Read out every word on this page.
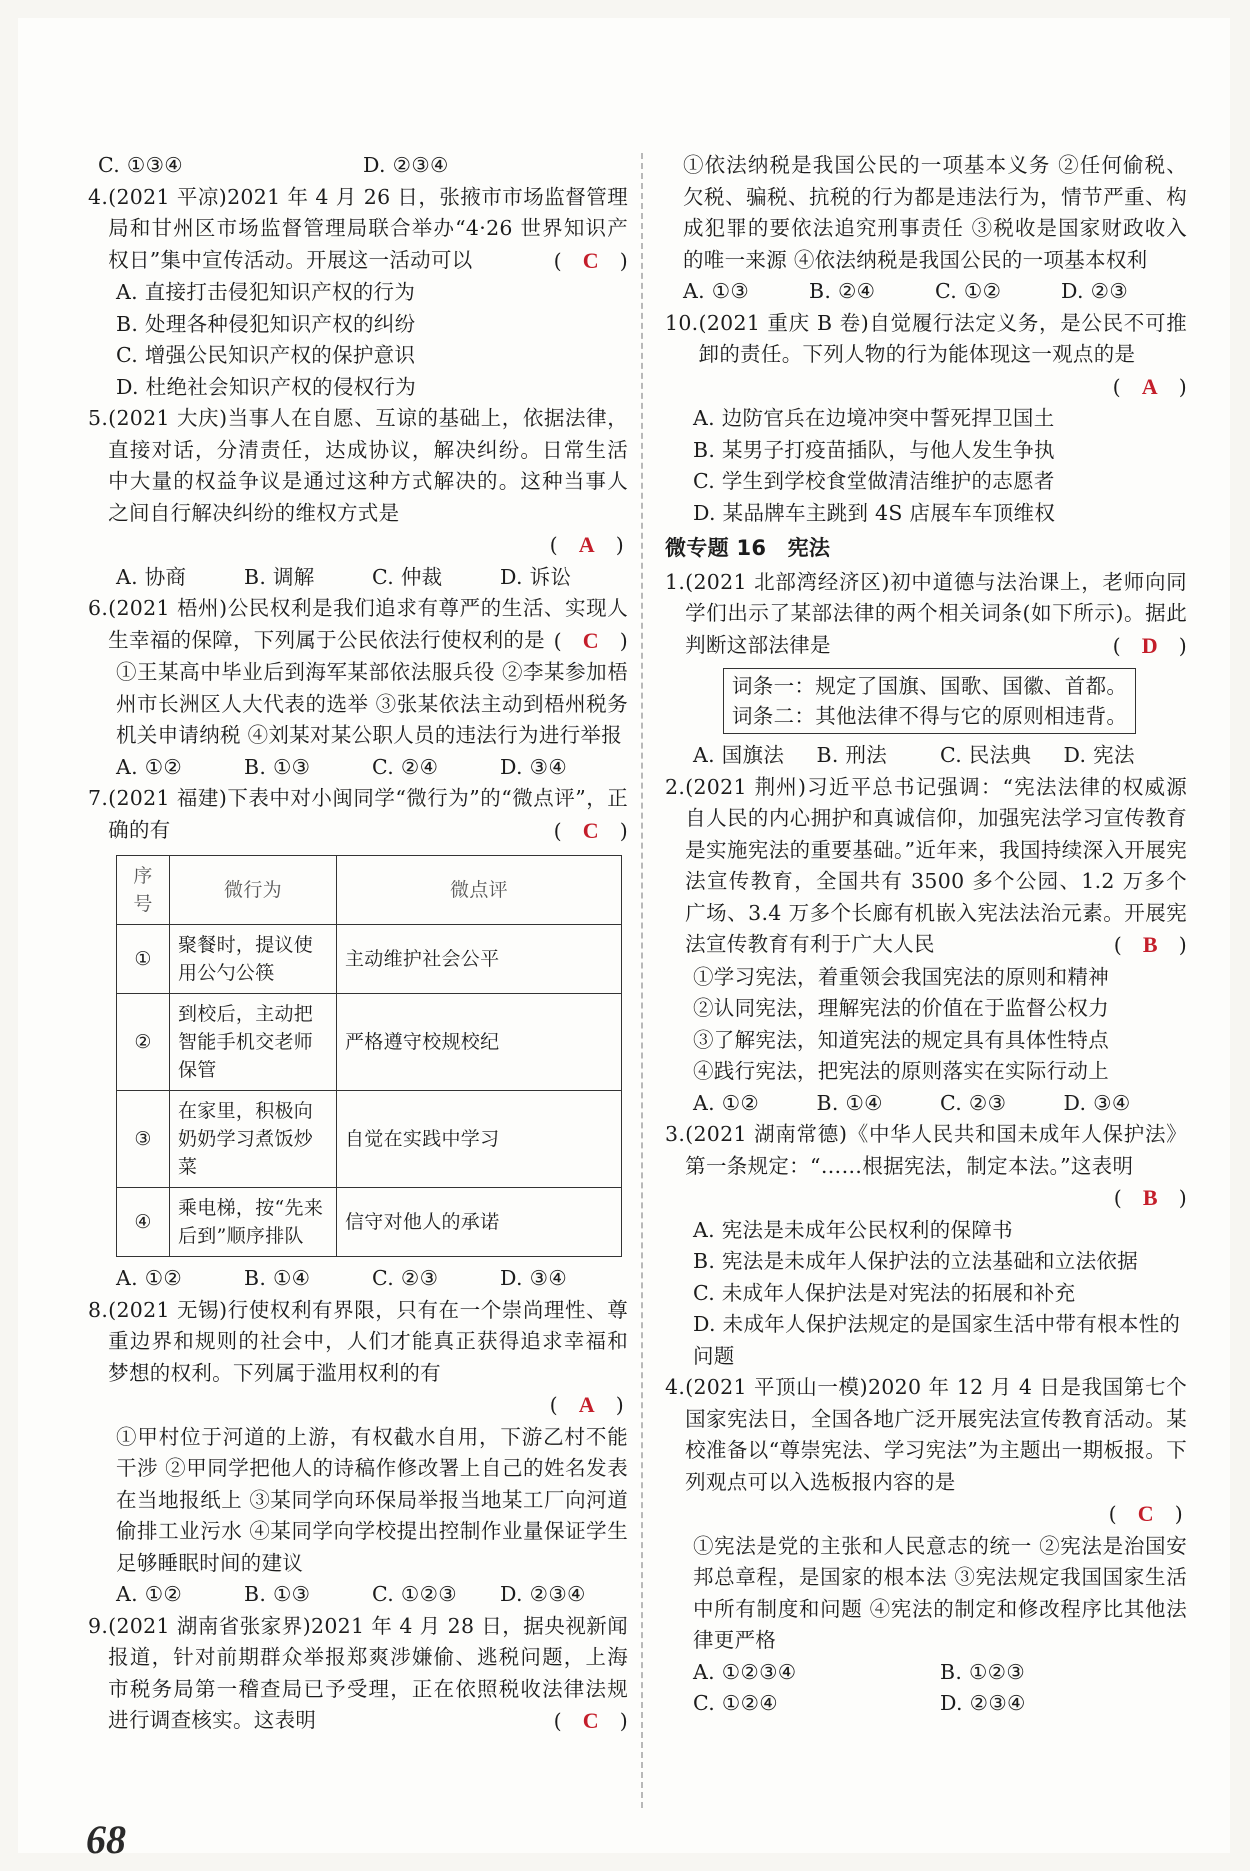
C. ①③④	D. ②③④
4. (2021 平凉)2021 年 4 月 26 日，张掖市市场监督管理局和甘州区市场监督管理局联合举办“4·26 世界知识产权日”集中宣传活动。开展这一活动可以	(　C　)
A. 直接打击侵犯知识产权的行为
B. 处理各种侵犯知识产权的纠纷
C. 增强公民知识产权的保护意识
D. 杜绝社会知识产权的侵权行为
5. (2021 大庆)当事人在自愿、互谅的基础上，依据法律，直接对话，分清责任，达成协议，解决纠纷。日常生活中大量的权益争议是通过这种方式解决的。这种当事人之间自行解决纠纷的维权方式是
(　A　)
A. 协商	B. 调解	C. 仲裁	D. 诉讼
6. (2021 梧州)公民权利是我们追求有尊严的生活、实现人生幸福的保障，下列属于公民依法行使权利的是 (　C　)
①王某高中毕业后到海军某部依法服兵役 ②李某参加梧州市长洲区人大代表的选举 ③张某依法主动到梧州税务机关申请纳税 ④刘某对某公职人员的违法行为进行举报
A. ①②	B. ①③	C. ②④	D. ③④
7. (2021 福建)下表中对小闽同学“微行为”的“微点评”，正确的有	(　C　)
序号	微行为	微点评
①	聚餐时，提议使用公勺公筷	主动维护社会公平
②	到校后，主动把智能手机交老师保管	严格遵守校规校纪
③	在家里，积极向奶奶学习煮饭炒菜	自觉在实践中学习
④	乘电梯，按“先来后到”顺序排队	信守对他人的承诺
A. ①②	B. ①④	C. ②③	D. ③④
8. (2021 无锡)行使权利有界限，只有在一个崇尚理性、尊重边界和规则的社会中，人们才能真正获得追求幸福和梦想的权利。下列属于滥用权利的有
(　A　)
①甲村位于河道的上游，有权截水自用，下游乙村不能干涉 ②甲同学把他人的诗稿作修改署上自己的姓名发表在当地报纸上 ③某同学向环保局举报当地某工厂向河道偷排工业污水 ④某同学向学校提出控制作业量保证学生足够睡眠时间的建议
A. ①②	B. ①③	C. ①②③	D. ②③④
9. (2021 湖南省张家界)2021 年 4 月 28 日，据央视新闻报道，针对前期群众举报郑爽涉嫌偷、逃税问题，上海市税务局第一稽查局已予受理，正在依照税收法律法规进行调查核实。这表明	(　C　)
①依法纳税是我国公民的一项基本义务 ②任何偷税、欠税、骗税、抗税的行为都是违法行为，情节严重、构成犯罪的要依法追究刑事责任 ③税收是国家财政收入的唯一来源 ④依法纳税是我国公民的一项基本权利
A. ①③	B. ②④	C. ①②	D. ②③
10. (2021 重庆 B 卷)自觉履行法定义务，是公民不可推卸的责任。下列人物的行为能体现这一观点的是
(　A　)
A. 边防官兵在边境冲突中誓死捍卫国土
B. 某男子打疫苗插队，与他人发生争执
C. 学生到学校食堂做清洁维护的志愿者
D. 某品牌车主跳到 4S 店展车车顶维权
微专题 16　宪法
1. (2021 北部湾经济区)初中道德与法治课上，老师向同学们出示了某部法律的两个相关词条(如下所示)。据此判断这部法律是	(　D　)
词条一：规定了国旗、国歌、国徽、首都。
词条二：其他法律不得与它的原则相违背。
A. 国旗法	B. 刑法	C. 民法典	D. 宪法
2. (2021 荆州)习近平总书记强调：“宪法法律的权威源自人民的内心拥护和真诚信仰，加强宪法学习宣传教育是实施宪法的重要基础。”近年来，我国持续深入开展宪法宣传教育，全国共有 3500 多个公园、1.2 万多个广场、3.4 万多个长廊有机嵌入宪法法治元素。开展宪法宣传教育有利于广大人民	(　B　)
①学习宪法，着重领会我国宪法的原则和精神
②认同宪法，理解宪法的价值在于监督公权力
③了解宪法，知道宪法的规定具有具体性特点
④践行宪法，把宪法的原则落实在实际行动上
A. ①②	B. ①④	C. ②③	D. ③④
3. (2021 湖南常德)《中华人民共和国未成年人保护法》第一条规定：“……根据宪法，制定本法。”这表明
(　B　)
A. 宪法是未成年公民权利的保障书
B. 宪法是未成年人保护法的立法基础和立法依据
C. 未成年人保护法是对宪法的拓展和补充
D. 未成年人保护法规定的是国家生活中带有根本性的问题
4. (2021 平顶山一模)2020 年 12 月 4 日是我国第七个国家宪法日，全国各地广泛开展宪法宣传教育活动。某校准备以“尊崇宪法、学习宪法”为主题出一期板报。下列观点可以入选板报内容的是
(　C　)
①宪法是党的主张和人民意志的统一 ②宪法是治国安邦总章程，是国家的根本法 ③宪法规定我国国家生活中所有制度和问题 ④宪法的制定和修改程序比其他法律更严格
A. ①②③④	B. ①②③
C. ①②④	D. ②③④
68
